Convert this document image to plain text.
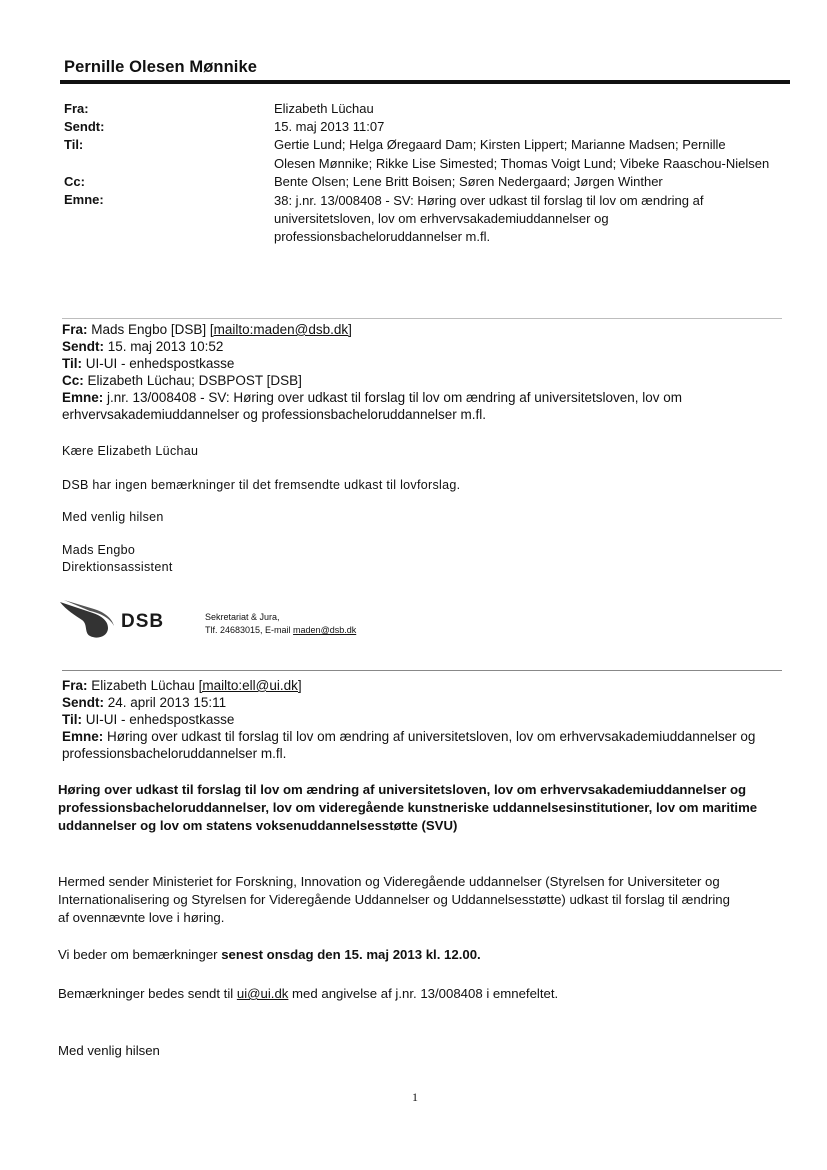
Pernille Olesen Mønnike
Fra:
Sendt:
Til:
Cc:
Emne:
Elizabeth Lüchau
15. maj 2013 11:07
Gertie Lund; Helga Øregaard Dam; Kirsten Lippert; Marianne Madsen; Pernille
Olesen Mønnike; Rikke Lise Simested; Thomas Voigt Lund; Vibeke Raaschou-Nielsen
Bente Olsen; Lene Britt Boisen; Søren Nedergaard; Jørgen Winther
38: j.nr. 13/008408 - SV: Høring over udkast til forslag til lov om ændring af
universitetsloven, lov om erhvervsakademiuddannelser og
professionsbacheloruddannelser m.fl.
Fra: Mads Engbo [DSB] [mailto:maden@dsb.dk]
Sendt: 15. maj 2013 10:52
Til: UI-UI - enhedspostkasse
Cc: Elizabeth Lüchau; DSBPOST [DSB]
Emne: j.nr. 13/008408 - SV: Høring over udkast til forslag til lov om ændring af universitetsloven, lov om
erhvervsakademiuddannelser og professionsbacheloruddannelser m.fl.
Kære Elizabeth Lüchau
DSB har ingen bemærkninger til det fremsendte udkast til lovforslag.
Med venlig hilsen
Mads Engbo
Direktionsassistent
DSB	Sekretariat & Jura,
Tlf. 24683015, E-mail maden@dsb.dk
Fra: Elizabeth Lüchau [mailto:ell@ui.dk]
Sendt: 24. april 2013 15:11
Til: UI-UI - enhedspostkasse
Emne: Høring over udkast til forslag til lov om ændring af universitetsloven, lov om erhvervsakademiuddannelser og
professionsbacheloruddannelser m.fl.
Høring over udkast til forslag til lov om ændring af universitetsloven, lov om erhvervsakademiuddannelser og
professionsbacheloruddannelser, lov om videregående kunstneriske uddannelsesinstitutioner, lov om maritime
uddannelser og lov om statens voksenuddannelsesstøtte (SVU)
Hermed sender Ministeriet for Forskning, Innovation og Videregående uddannelser (Styrelsen for Universiteter og
Internationalisering og Styrelsen for Videregående Uddannelser og Uddannelsesstøtte) udkast til forslag til ændring
af ovennævnte love i høring.
Vi beder om bemærkninger senest onsdag den 15. maj 2013 kl. 12.00.
Bemærkninger bedes sendt til ui@ui.dk med angivelse af j.nr. 13/008408 i emnefeltet.
Med venlig hilsen
1
